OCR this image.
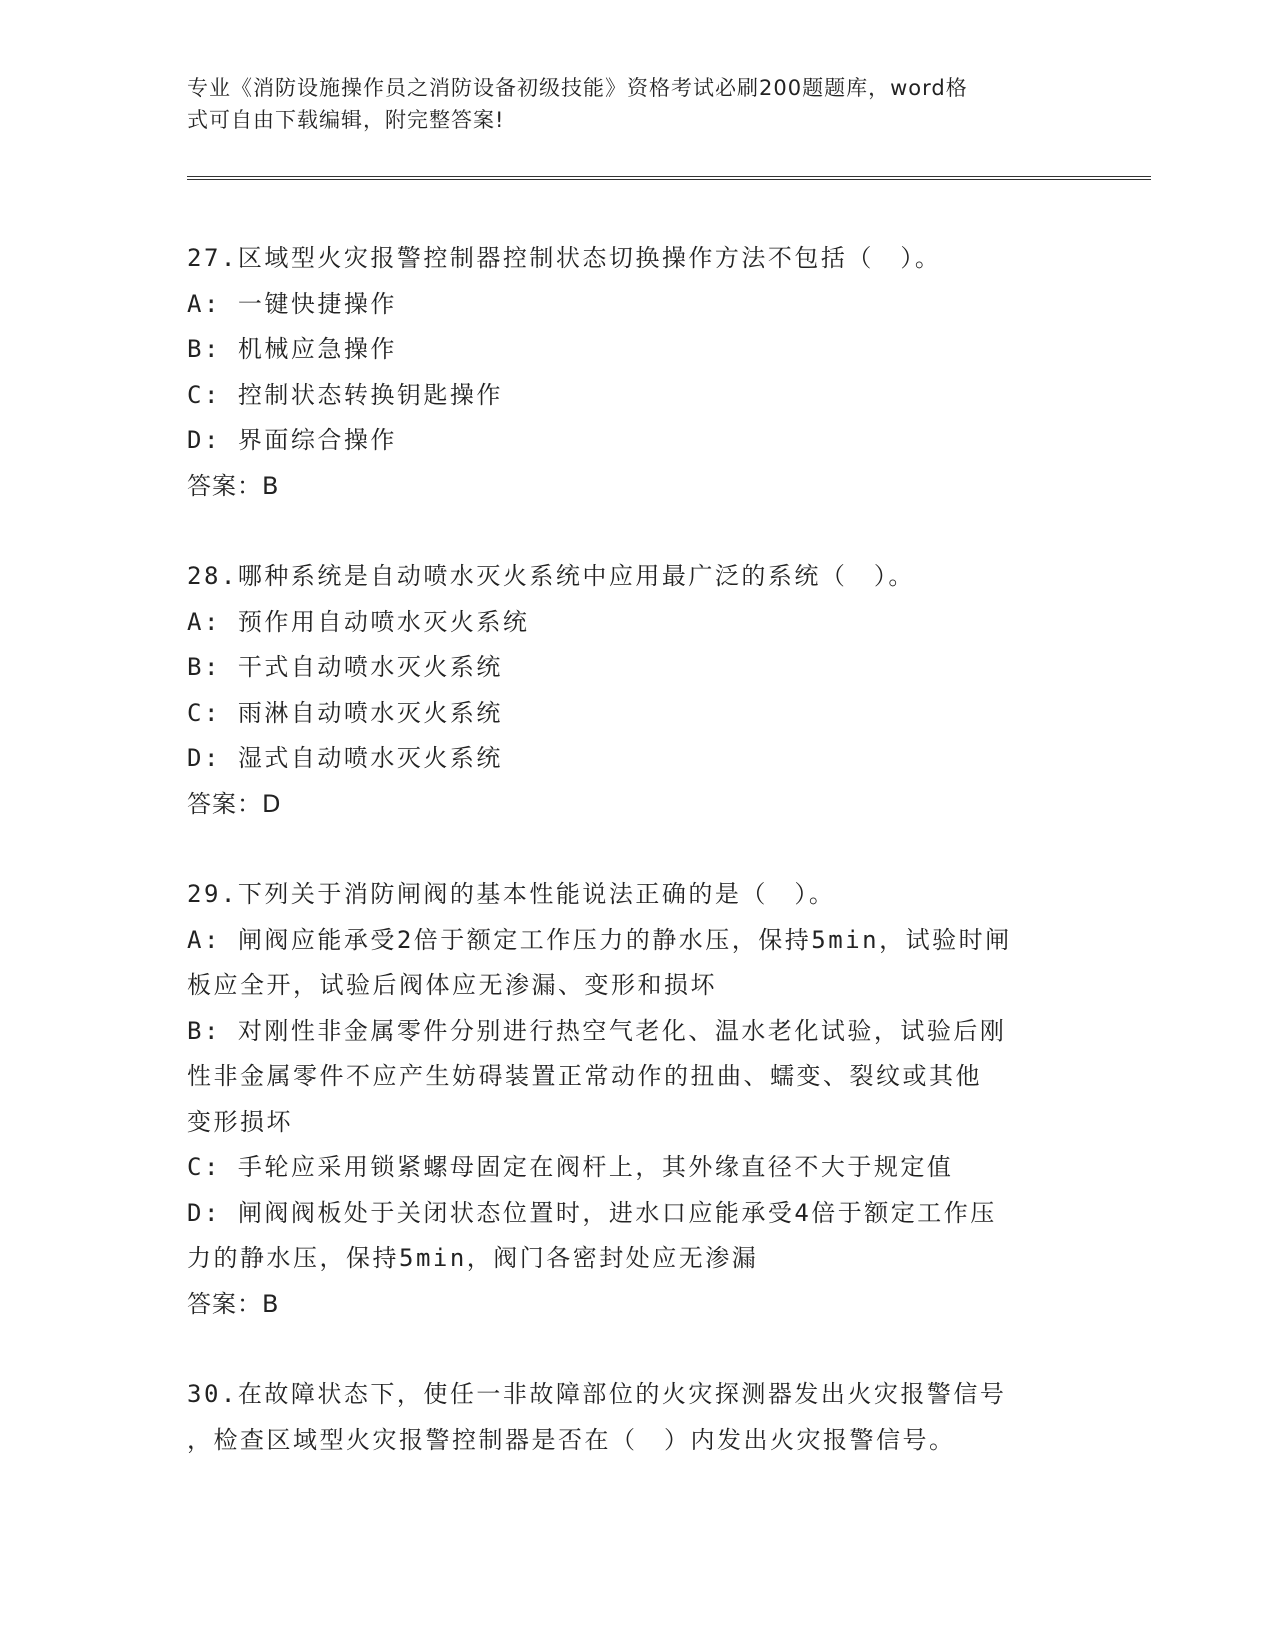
专业《消防设施操作员之消防设备初级技能》资格考试必刷200题题库，word格

式可自由下载编辑，附完整答案!

27.区域型火灾报警控制器控制状态切换操作方法不包括（　）。

A: 一键快捷操作

B: 机械应急操作

C: 控制状态转换钥匙操作

D: 界面综合操作

答案：B

28.哪种系统是自动喷水灭火系统中应用最广泛的系统（　）。

A: 预作用自动喷水灭火系统

B: 干式自动喷水灭火系统

C: 雨淋自动喷水灭火系统

D: 湿式自动喷水灭火系统

答案：D

29.下列关于消防闸阀的基本性能说法正确的是（　）。

A: 闸阀应能承受2倍于额定工作压力的静水压，保持5min，试验时闸

板应全开，试验后阀体应无渗漏、变形和损坏

B: 对刚性非金属零件分别进行热空气老化、温水老化试验，试验后刚

性非金属零件不应产生妨碍装置正常动作的扭曲、蠕变、裂纹或其他

变形损坏

C: 手轮应采用锁紧螺母固定在阀杆上，其外缘直径不大于规定值

D: 闸阀阀板处于关闭状态位置时，进水口应能承受4倍于额定工作压

力的静水压，保持5min，阀门各密封处应无渗漏

答案：B

30.在故障状态下，使任一非故障部位的火灾探测器发出火灾报警信号

，检查区域型火灾报警控制器是否在（　）内发出火灾报警信号。
